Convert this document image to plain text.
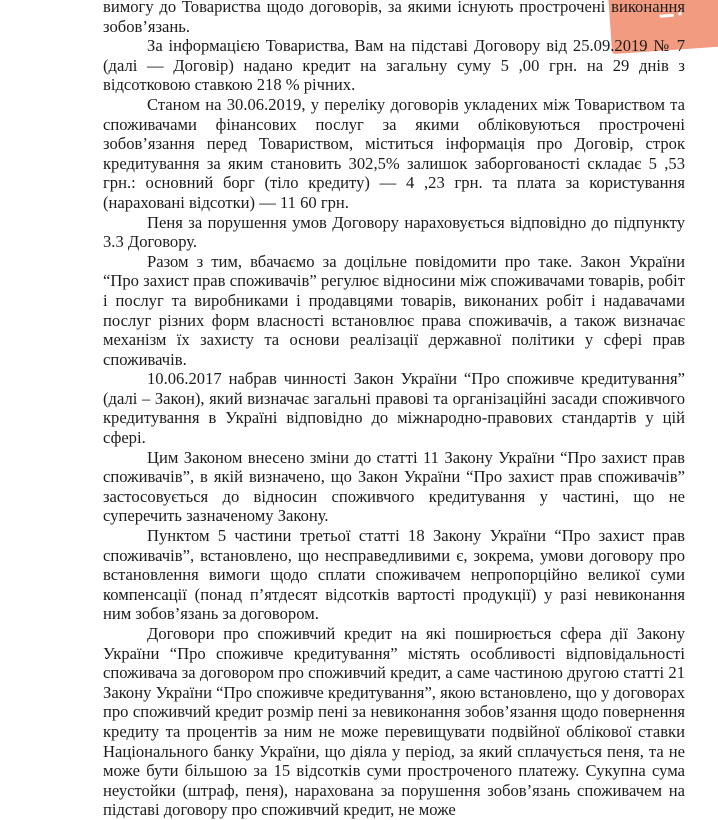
вимогу до Товариства щодо договорів, за якими існують прострочені виконання зобов’язань.

За інформацією Товариства, Вам на підставі Договору від 25.09.2019 № 7 (далі — Договір) надано кредит на загальну суму 5 ,00 грн. на 29 днів з відсотковою ставкою 218 % річних.

Станом на 30.06.2019, у переліку договорів укладених між Товариством та споживачами фінансових послуг за якими обліковуються прострочені зобов’язання перед Товариством, міститься інформація про Договір, строк кредитування за яким становить 302,5% залишок заборгованості складає 5 ,53 грн.: основний борг (тіло кредиту) — 4 ,23 грн. та плата за користування (нараховані відсотки) — 11 60 грн.

Пеня за порушення умов Договору нараховується відповідно до підпункту 3.3 Договору.

Разом з тим, вбачаємо за доцільне повідомити про таке. Закон України “Про захист прав споживачів” регулює відносини між споживачами товарів, робіт і послуг та виробниками і продавцями товарів, виконаних робіт і надавачами послуг різних форм власності встановлює права споживачів, а також визначає механізм їх захисту та основи реалізації державної політики у сфері прав споживачів.

10.06.2017 набрав чинності Закон України “Про споживче кредитування” (далі – Закон), який визначає загальні правові та організаційні засади споживчого кредитування в Україні відповідно до міжнародно-правових стандартів у цій сфері.

Цим Законом внесено зміни до статті 11 Закону України “Про захист прав споживачів”, в якій визначено, що Закон України “Про захист прав споживачів” застосовується до відносин споживчого кредитування у частині, що не суперечить зазначеному Закону.

Пунктом 5 частини третьої статті 18 Закону України “Про захист прав споживачів”, встановлено, що несправедливими є, зокрема, умови договору про встановлення вимоги щодо сплати споживачем непропорційно великої суми компенсації (понад п’ятдесят відсотків вартості продукції) у разі невиконання ним зобов’язань за договором.

Договори про споживчий кредит на які поширюється сфера дії Закону України “Про споживче кредитування” містять особливості відповідальності споживача за договором про споживчий кредит, а саме частиною другою статті 21 Закону України “Про споживче кредитування”, якою встановлено, що у договорах про споживчий кредит розмір пені за невиконання зобов’язання щодо повернення кредиту та процентів за ним не може перевищувати подвійної облікової ставки Національного банку України, що діяла у період, за який сплачується пеня, та не може бути більшою за 15 відсотків суми простроченого платежу. Сукупна сума неустойки (штраф, пеня), нарахована за порушення зобов’язань споживачем на підставі договору про споживчий кредит, не може
